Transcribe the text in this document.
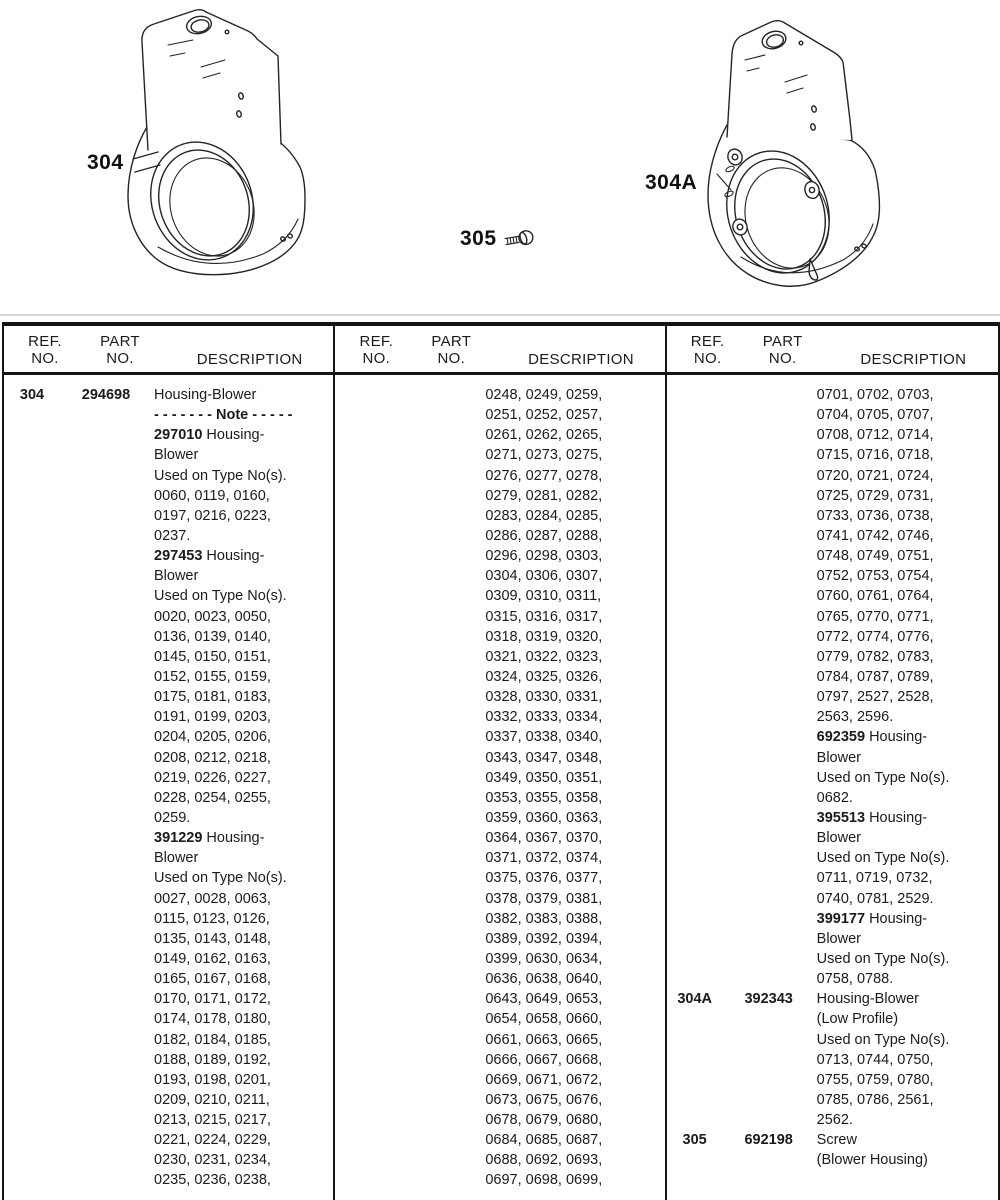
304
304A
305
REF.
NO.
PART
NO.	DESCRIPTION
304	294698	Housing-Blower
- - - - - - - Note - - - - -
297010 Housing-
Blower
Used on Type No(s).
0060, 0119, 0160,
0197, 0216, 0223,
0237.
297453 Housing-
Blower
Used on Type No(s).
0020, 0023, 0050,
0136, 0139, 0140,
0145, 0150, 0151,
0152, 0155, 0159,
0175, 0181, 0183,
0191, 0199, 0203,
0204, 0205, 0206,
0208, 0212, 0218,
0219, 0226, 0227,
0228, 0254, 0255,
0259.
391229 Housing-
Blower
Used on Type No(s).
0027, 0028, 0063,
0115, 0123, 0126,
0135, 0143, 0148,
0149, 0162, 0163,
0165, 0167, 0168,
0170, 0171, 0172,
0174, 0178, 0180,
0182, 0184, 0185,
0188, 0189, 0192,
0193, 0198, 0201,
0209, 0210, 0211,
0213, 0215, 0217,
0221, 0224, 0229,
0230, 0231, 0234,
0235, 0236, 0238,
REF.
NO.
PART
NO.	DESCRIPTION
0248, 0249, 0259,
0251, 0252, 0257,
0261, 0262, 0265,
0271, 0273, 0275,
0276, 0277, 0278,
0279, 0281, 0282,
0283, 0284, 0285,
0286, 0287, 0288,
0296, 0298, 0303,
0304, 0306, 0307,
0309, 0310, 0311,
0315, 0316, 0317,
0318, 0319, 0320,
0321, 0322, 0323,
0324, 0325, 0326,
0328, 0330, 0331,
0332, 0333, 0334,
0337, 0338, 0340,
0343, 0347, 0348,
0349, 0350, 0351,
0353, 0355, 0358,
0359, 0360, 0363,
0364, 0367, 0370,
0371, 0372, 0374,
0375, 0376, 0377,
0378, 0379, 0381,
0382, 0383, 0388,
0389, 0392, 0394,
0399, 0630, 0634,
0636, 0638, 0640,
0643, 0649, 0653,
0654, 0658, 0660,
0661, 0663, 0665,
0666, 0667, 0668,
0669, 0671, 0672,
0673, 0675, 0676,
0678, 0679, 0680,
0684, 0685, 0687,
0688, 0692, 0693,
0697, 0698, 0699,
REF.
NO.
PART
NO.	DESCRIPTION
0701, 0702, 0703,
0704, 0705, 0707,
0708, 0712, 0714,
0715, 0716, 0718,
0720, 0721, 0724,
0725, 0729, 0731,
0733, 0736, 0738,
0741, 0742, 0746,
0748, 0749, 0751,
0752, 0753, 0754,
0760, 0761, 0764,
0765, 0770, 0771,
0772, 0774, 0776,
0779, 0782, 0783,
0784, 0787, 0789,
0797, 2527, 2528,
2563, 2596.
692359 Housing-
Blower
Used on Type No(s).
0682.
395513 Housing-
Blower
Used on Type No(s).
0711, 0719, 0732,
0740, 0781, 2529.
399177 Housing-
Blower
Used on Type No(s).
0758, 0788.
304A	392343	Housing-Blower
(Low Profile)
Used on Type No(s).
0713, 0744, 0750,
0755, 0759, 0780,
0785, 0786, 2561,
2562.
305	692198	Screw
(Blower Housing)
